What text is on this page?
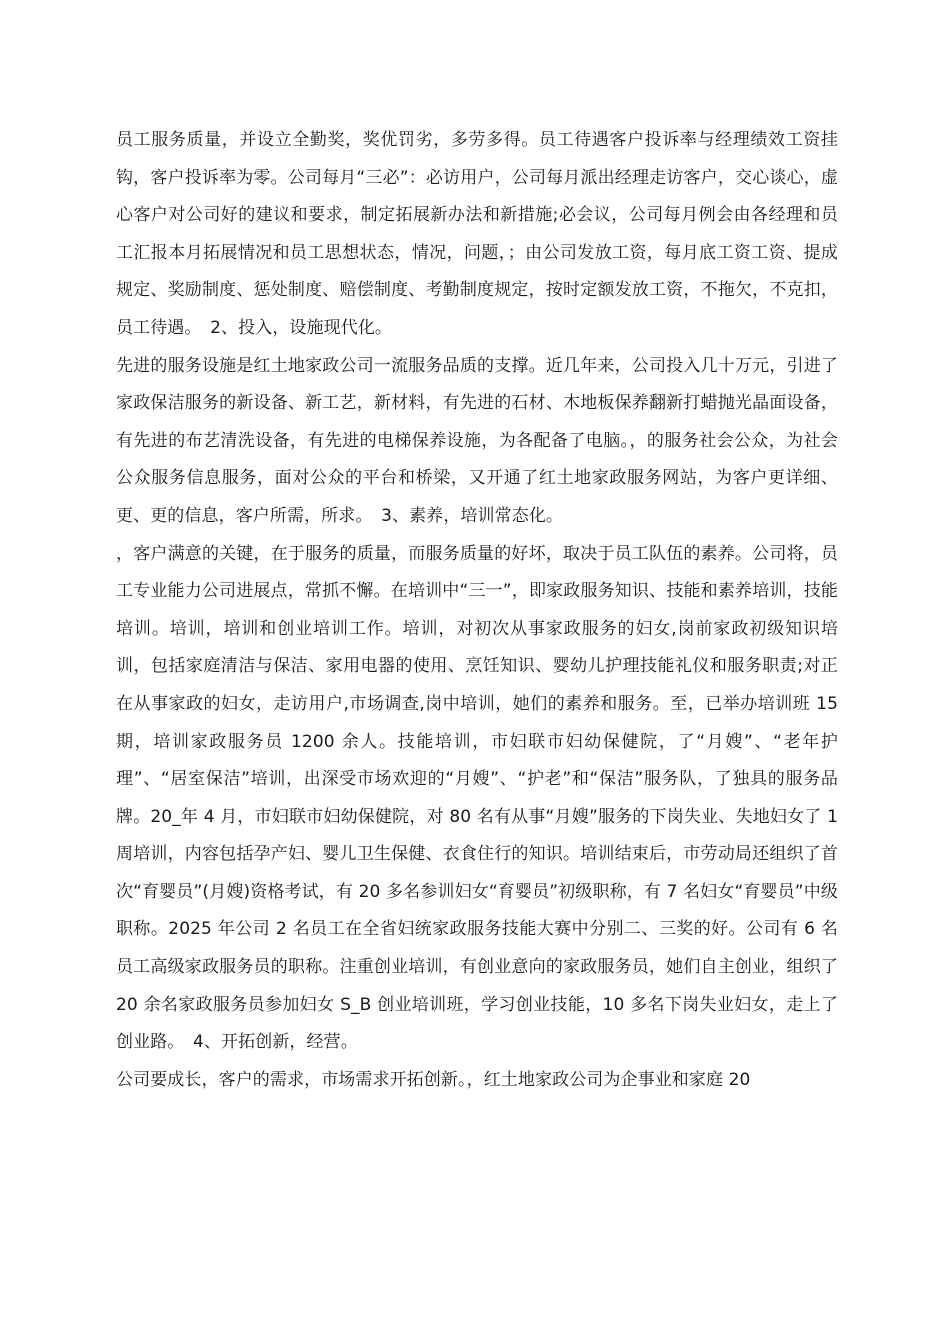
员工服务质量，并设立全勤奖，奖优罚劣，多劳多得。员工待遇客户投诉率与经理绩效工资挂钩，客户投诉率为零。公司每月“三必”：必访用户，公司每月派出经理走访客户，交心谈心，虚心客户对公司好的建议和要求，制定拓展新办法和新措施;必会议，公司每月例会由各经理和员工汇报本月拓展情况和员工思想状态，情况，问题，；由公司发放工资，每月底工资工资、提成规定、奖励制度、惩处制度、赔偿制度、考勤制度规定，按时定额发放工资，不拖欠，不克扣，员工待遇。　2、投入，设施现代化。

先进的服务设施是红土地家政公司一流服务品质的支撑。近几年来，公司投入几十万元，引进了家政保洁服务的新设备、新工艺，新材料，有先进的石材、木地板保养翻新打蜡抛光晶面设备，有先进的布艺清洗设备，有先进的电梯保养设施，为各配备了电脑。，的服务社会公众，为社会公众服务信息服务，面对公众的平台和桥梁，又开通了红土地家政服务网站，为客户更详细、更、更的信息，客户所需，所求。　3、素养，培训常态化。

，客户满意的关键，在于服务的质量，而服务质量的好坏，取决于员工队伍的素养。公司将，员工专业能力公司进展点，常抓不懈。在培训中“三一”，即家政服务知识、技能和素养培训，技能培训。培训，培训和创业培训工作。培训，对初次从事家政服务的妇女,岗前家政初级知识培训，包括家庭清洁与保洁、家用电器的使用、烹饪知识、婴幼儿护理技能礼仪和服务职责;对正在从事家政的妇女，走访用户,市场调查,岗中培训，她们的素养和服务。至，已举办培训班 15 期，培训家政服务员 1200 余人。技能培训，市妇联市妇幼保健院，了“月嫂”、“老年护理”、“居室保洁”培训，出深受市场欢迎的“月嫂”、“护老”和“保洁”服务队，了独具的服务品牌。20_年 4 月，市妇联市妇幼保健院，对 80 名有从事“月嫂”服务的下岗失业、失地妇女了 1 周培训，内容包括孕产妇、婴儿卫生保健、衣食住行的知识。培训结束后，市劳动局还组织了首次“育婴员”(月嫂)资格考试，有 20 多名参训妇女“育婴员”初级职称，有 7 名妇女“育婴员”中级职称。2025 年公司 2 名员工在全省妇统家政服务技能大赛中分别二、三奖的好。公司有 6 名员工高级家政服务员的职称。注重创业培训，有创业意向的家政服务员，她们自主创业，组织了 20 余名家政服务员参加妇女 S_B 创业培训班，学习创业技能，10 多名下岗失业妇女，走上了创业路。　4、开拓创新，经营。

公司要成长，客户的需求，市场需求开拓创新。，红土地家政公司为企事业和家庭 20
